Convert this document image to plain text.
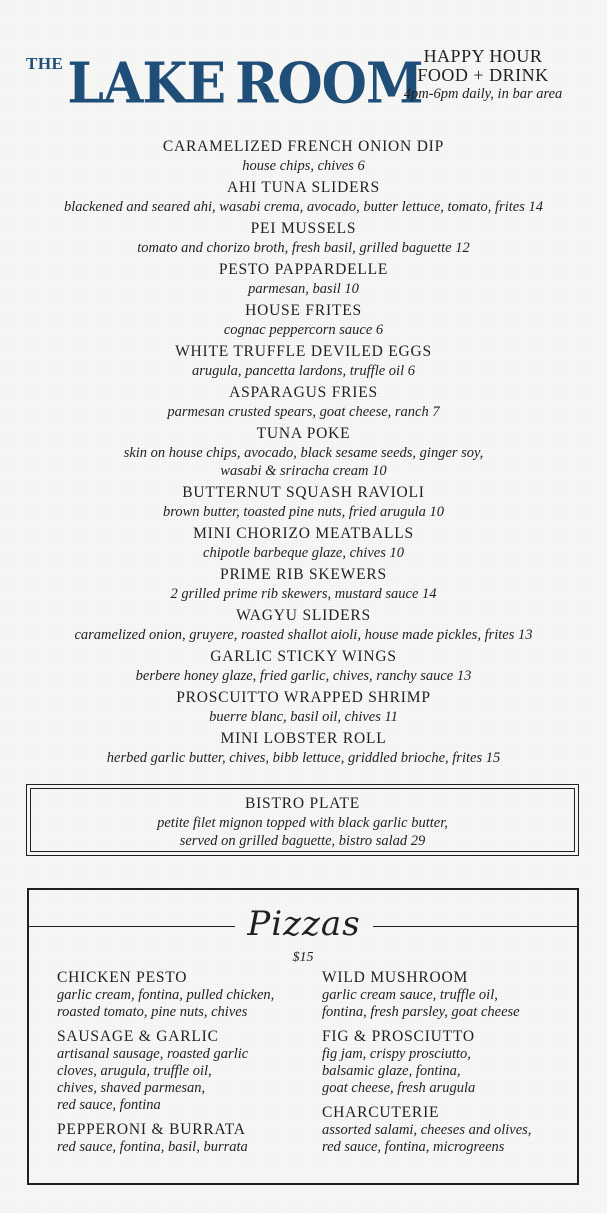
THE LAKE ROOM HAPPY HOUR
FOOD + DRINK
4pm-6pm daily, in bar area
CARAMELIZED FRENCH ONION DIP
house chips, chives 6
AHI TUNA SLIDERS
blackened and seared ahi, wasabi crema, avocado, butter lettuce, tomato, frites 14
PEI MUSSELS
tomato and chorizo broth, fresh basil, grilled baguette 12
PESTO PAPPARDELLE
parmesan, basil 10
HOUSE FRITES
cognac peppercorn sauce 6
WHITE TRUFFLE DEVILED EGGS
arugula, pancetta lardons, truffle oil 6
ASPARAGUS FRIES
parmesan crusted spears, goat cheese, ranch 7
TUNA POKE
skin on house chips, avocado, black sesame seeds, ginger soy,
wasabi & sriracha cream 10
BUTTERNUT SQUASH RAVIOLI
brown butter, toasted pine nuts, fried arugula 10
MINI CHORIZO MEATBALLS
chipotle barbeque glaze, chives 10
PRIME RIB SKEWERS
2 grilled prime rib skewers, mustard sauce 14
WAGYU SLIDERS
caramelized onion, gruyere, roasted shallot aioli, house made pickles, frites 13
GARLIC STICKY WINGS
berbere honey glaze, fried garlic, chives, ranchy sauce 13
PROSCUITTO WRAPPED SHRIMP
buerre blanc, basil oil, chives 11
MINI LOBSTER ROLL
herbed garlic butter, chives, bibb lettuce, griddled brioche, frites 15
BISTRO PLATE
petite filet mignon topped with black garlic butter,
served on grilled baguette, bistro salad 29
Pizzas
$15
CHICKEN PESTO
garlic cream, fontina, pulled chicken,
roasted tomato, pine nuts, chives
SAUSAGE & GARLIC
artisanal sausage, roasted garlic
cloves, arugula, truffle oil,
chives, shaved parmesan,
red sauce, fontina
PEPPERONI & BURRATA
red sauce, fontina, basil, burrata
WILD MUSHROOM
garlic cream sauce, truffle oil,
fontina, fresh parsley, goat cheese
FIG & PROSCIUTTO
fig jam, crispy prosciutto,
balsamic glaze, fontina,
goat cheese, fresh arugula
CHARCUTERIE
assorted salami, cheeses and olives,
red sauce, fontina, microgreens
